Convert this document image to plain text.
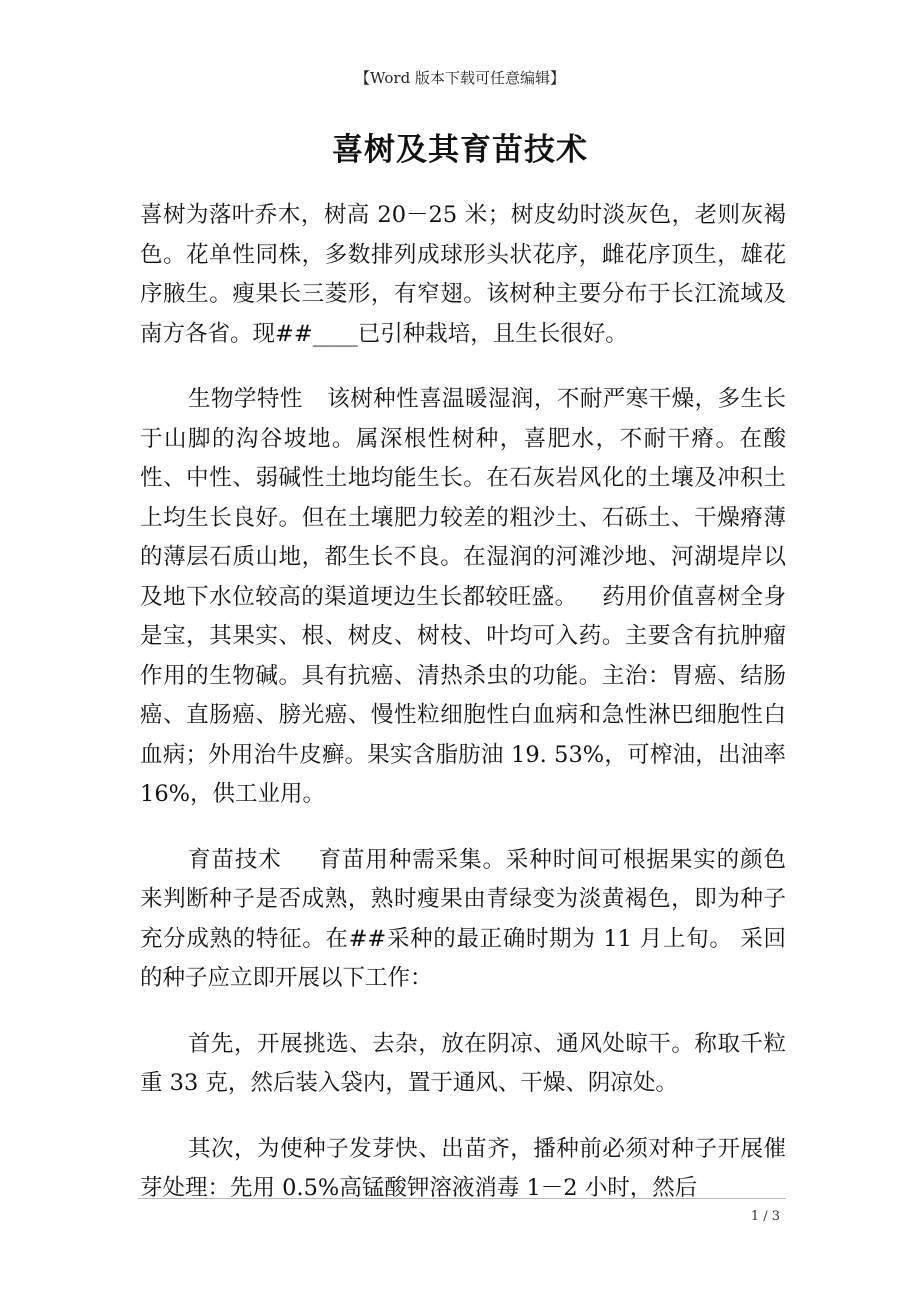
【Word 版本下载可任意编辑】
喜树及其育苗技术

喜树为落叶乔木，树高 20－25 米；树皮幼时淡灰色，老则灰褐色。花单性同株，多数排列成球形头状花序，雌花序顶生，雄花序腋生。瘦果长三菱形，有窄翅。该树种主要分布于长江流域及南方各省。现##____已引种栽培，且生长很好。

生物学特性 该树种性喜温暖湿润，不耐严寒干燥，多生长于山脚的沟谷坡地。属深根性树种，喜肥水，不耐干瘠。在酸性、中性、弱碱性土地均能生长。在石灰岩风化的土壤及冲积土上均生长良好。但在土壤肥力较差的粗沙土、石砾土、干燥瘠薄的薄层石质山地，都生长不良。在湿润的河滩沙地、河湖堤岸以及地下水位较高的渠道埂边生长都较旺盛。 药用价值喜树全身是宝，其果实、根、树皮、树枝、叶均可入药。主要含有抗肿瘤作用的生物碱。具有抗癌、清热杀虫的功能。主治：胃癌、结肠癌、直肠癌、膀光癌、慢性粒细胞性白血病和急性淋巴细胞性白血病；外用治牛皮癣。果实含脂肪油 19. 53%，可榨油，出油率 16%，供工业用。

育苗技术 育苗用种需采集。采种时间可根据果实的颜色来判断种子是否成熟，熟时瘦果由青绿变为淡黄褐色，即为种子充分成熟的特征。在##采种的最正确时期为 11 月上旬。 采回的种子应立即开展以下工作：

首先，开展挑选、去杂，放在阴凉、通风处晾干。称取千粒重 33 克，然后装入袋内，置于通风、干燥、阴凉处。

其次，为使种子发芽快、出苗齐，播种前必须对种子开展催芽处理：先用 0.5%高锰酸钾溶液消毒 1－2 小时，然后

1 / 3
